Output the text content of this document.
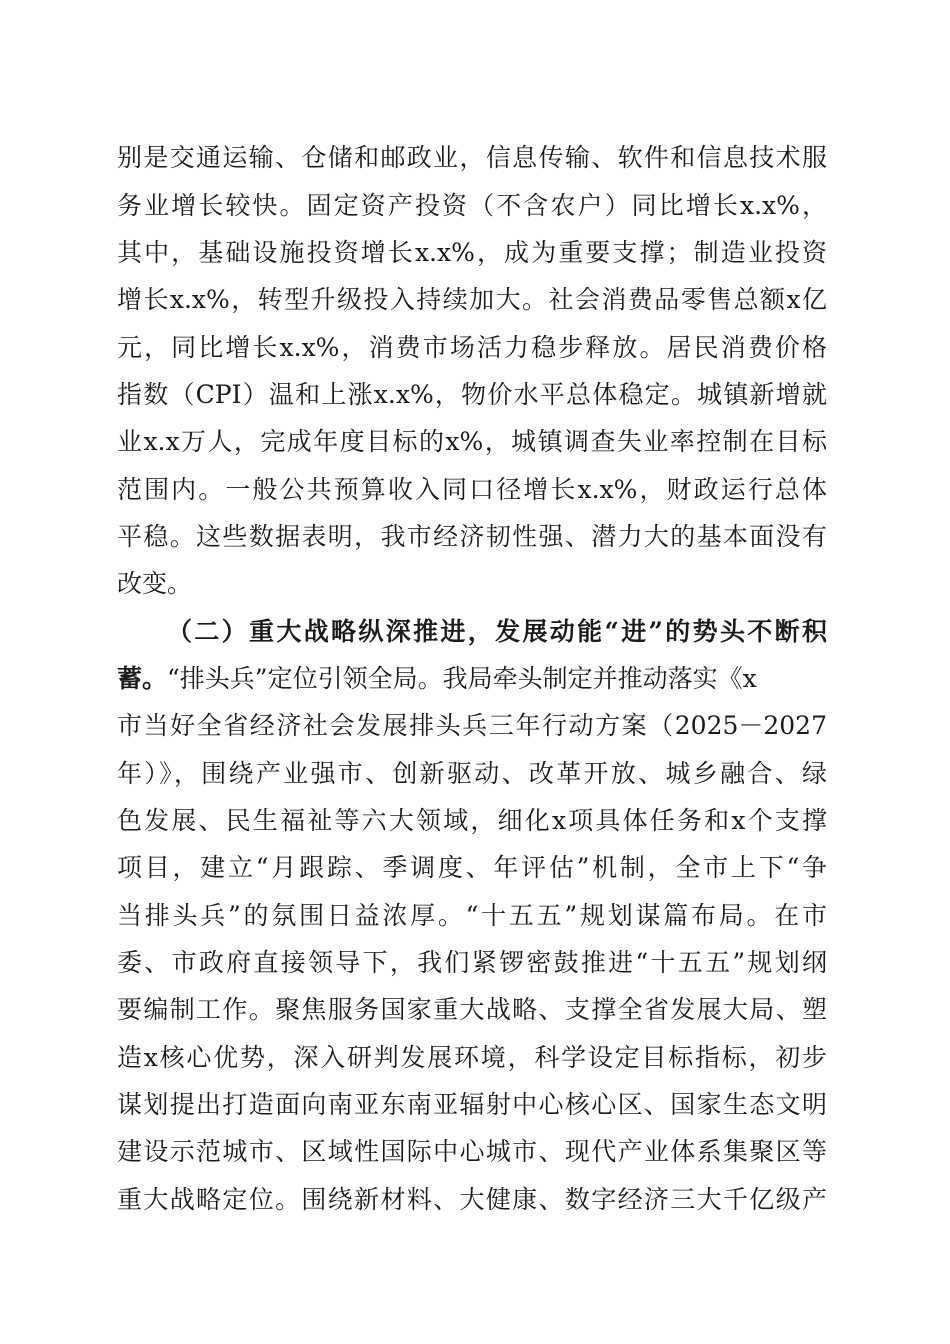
别是交通运输、仓储和邮政业，信息传输、软件和信息技术服
务业增长较快。固定资产投资（不含农户）同比增长x.x%，
其中，基础设施投资增长x.x%，成为重要支撑；制造业投资
增长x.x%，转型升级投入持续加大。社会消费品零售总额x亿
元，同比增长x.x%，消费市场活力稳步释放。居民消费价格
指数（CPI）温和上涨x.x%，物价水平总体稳定。城镇新增就
业x.x万人，完成年度目标的x%，城镇调查失业率控制在目标
范围内。一般公共预算收入同口径增长x.x%，财政运行总体
平稳。这些数据表明，我市经济韧性强、潜力大的基本面没有
改变。
（二）重大战略纵深推进，发展动能“进”的势头不断积
蓄。“排头兵”定位引领全局。我局牵头制定并推动落实《x
市当好全省经济社会发展排头兵三年行动方案（2025－2027
年）》，围绕产业强市、创新驱动、改革开放、城乡融合、绿
色发展、民生福祉等六大领域，细化x项具体任务和x个支撑
项目，建立“月跟踪、季调度、年评估”机制，全市上下“争
当排头兵”的氛围日益浓厚。“十五五”规划谋篇布局。在市
委、市政府直接领导下，我们紧锣密鼓推进“十五五”规划纲
要编制工作。聚焦服务国家重大战略、支撑全省发展大局、塑
造x核心优势，深入研判发展环境，科学设定目标指标，初步
谋划提出打造面向南亚东南亚辐射中心核心区、国家生态文明
建设示范城市、区域性国际中心城市、现代产业体系集聚区等
重大战略定位。围绕新材料、大健康、数字经济三大千亿级产
